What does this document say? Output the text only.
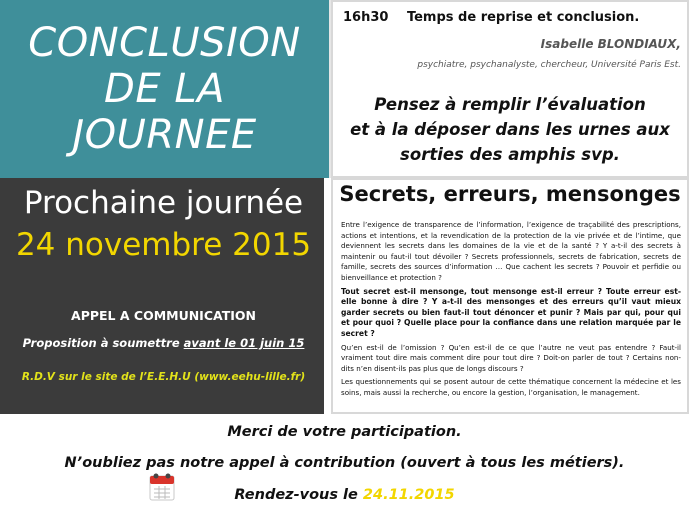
CONCLUSION
DE LA
JOURNEE
16h30 Temps de reprise et conclusion.
Isabelle BLONDIAUX,
psychiatre, psychanalyste, chercheur, Université Paris Est.
Pensez à remplir l’évaluation
et à la déposer dans les urnes aux
sorties des amphis svp.
Prochaine journée
24 novembre 2015
APPEL A COMMUNICATION
Proposition à soumettre avant le 01 juin 15
R.D.V sur le site de l’E.E.H.U (www.eehu-lille.fr)
Secrets, erreurs, mensonges

Entre l’exigence de transparence de l’information, l’exigence de traçabilité des prescriptions, actions et intentions, et la revendication de la protection de la vie privée et de l’intime, que deviennent les secrets dans les domaines de la vie et de la santé ? Y a-t-il des secrets à maintenir ou faut-il tout dévoiler ? Secrets professionnels, secrets de fabrication, secrets de famille, secrets des sources d’information … Que cachent les secrets ? Pouvoir et perfidie ou bienveillance et protection ?

Tout secret est-il mensonge, tout mensonge est-il erreur ? Toute erreur est-elle bonne à dire ? Y a-t-il des mensonges et des erreurs qu’il vaut mieux garder secrets ou bien faut-il tout dénoncer et punir ? Mais par qui, pour qui et pour quoi ? Quelle place pour la confiance dans une relation marquée par le secret ?

Qu’en est-il de l’omission ? Qu’en est-il de ce que l’autre ne veut pas entendre ? Faut-il vraiment tout dire mais comment dire pour tout dire ? Doit-on parler de tout ? Certains non-dits n’en disent-ils pas plus que de longs discours ?

Les questionnements qui se posent autour de cette thématique concernent la médecine et les soins, mais aussi la recherche, ou encore la gestion, l’organisation, le management.

Merci de votre participation.
N’oubliez pas notre appel à contribution (ouvert à tous les métiers).
Rendez-vous le 24.11.2015
